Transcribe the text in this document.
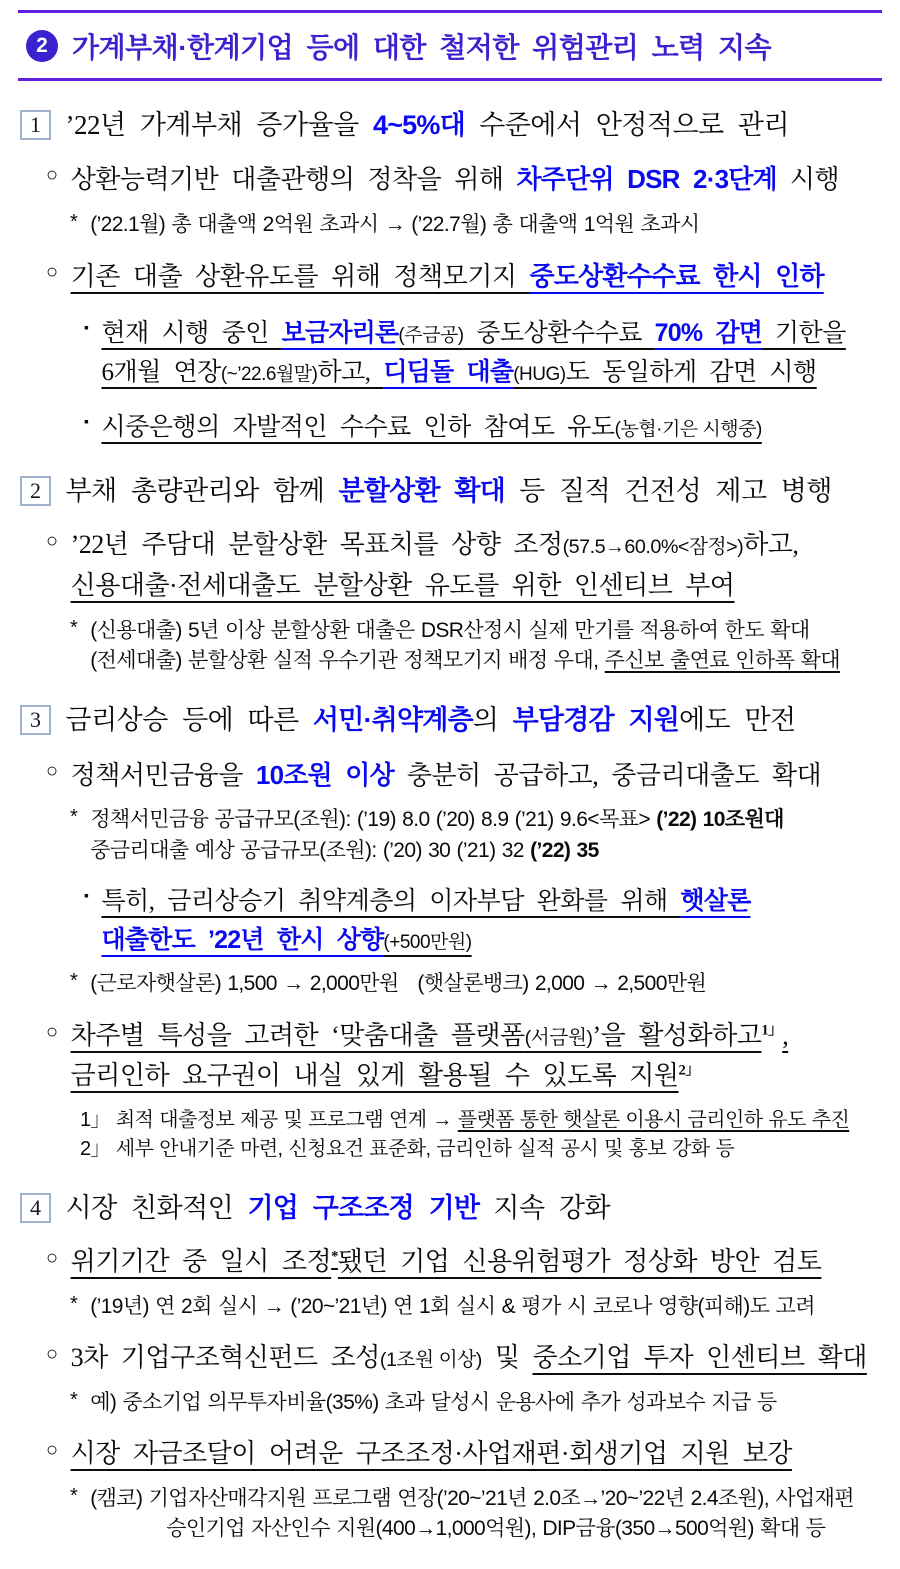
2 가계부채·한계기업 등에 대한 철저한 위험관리 노력 지속
1 ’22년 가계부채 증가율을 4~5%대 수준에서 안정적으로 관리
○ 상환능력기반 대출관행의 정착을 위해 차주단위 DSR 2·3단계 시행
* (’22.1월) 총 대출액 2억원 초과시 → (’22.7월) 총 대출액 1억원 초과시
○ 기존 대출 상환유도를 위해 정책모기지 중도상환수수료 한시 인하
▪ 현재 시행 중인 보금자리론(주금공) 중도상환수수료 70% 감면 기한을
6개월 연장(~’22.6월말)하고, 디딤돌 대출(HUG)도 동일하게 감면 시행
▪ 시중은행의 자발적인 수수료 인하 참여도 유도(농협·기은 시행중)
2 부채 총량관리와 함께 분할상환 확대 등 질적 건전성 제고 병행
○ ’22년 주담대 분할상환 목표치를 상향 조정(57.5→60.0%<잠정>)하고,
신용대출·전세대출도 분할상환 유도를 위한 인센티브 부여
* (신용대출) 5년 이상 분할상환 대출은 DSR산정시 실제 만기를 적용하여 한도 확대
(전세대출) 분할상환 실적 우수기관 정책모기지 배정 우대, 주신보 출연료 인하폭 확대
3 금리상승 등에 따른 서민·취약계층의 부담경감 지원에도 만전
○ 정책서민금융을 10조원 이상 충분히 공급하고, 중금리대출도 확대
* 정책서민금융 공급규모(조원): (’19) 8.0 (’20) 8.9 (’21) 9.6<목표> (’22) 10조원대
중금리대출 예상 공급규모(조원): (’20) 30 (’21) 32 (’22) 35
▪ 특히, 금리상승기 취약계층의 이자부담 완화를 위해 햇살론
대출한도 ’22년 한시 상향(+500만원)
* (근로자햇살론) 1,500 → 2,000만원   (햇살론뱅크) 2,000 → 2,500만원
○ 차주별 특성을 고려한 ‘맞춤대출 플랫폼(서금원)’을 활성화하고$^{1」}$,
금리인하 요구권이 내실 있게 활용될 수 있도록 지원$^{2」}$
1」 최적 대출정보 제공 및 프로그램 연계 → 플랫폼 통한 햇살론 이용시 금리인하 유도 추진
2」 세부 안내기준 마련, 신청요건 표준화, 금리인하 실적 공시 및 홍보 강화 등
4 시장 친화적인 기업 구조조정 기반 지속 강화
○ 위기기간 중 일시 조정*됐던 기업 신용위험평가 정상화 방안 검토
* (’19년) 연 2회 실시 → (’20~’21년) 연 1회 실시 & 평가 시 코로나 영향(피해)도 고려
○ 3차 기업구조혁신펀드 조성(1조원 이상) 및 중소기업 투자 인센티브 확대
* 예) 중소기업 의무투자비율(35%) 초과 달성시 운용사에 추가 성과보수 지급 등
○ 시장 자금조달이 어려운 구조조정·사업재편·회생기업 지원 보강
* (캠코) 기업자산매각지원 프로그램 연장(’20~’21년 2.0조→’20~’22년 2.4조원), 사업재편
승인기업 자산인수 지원(400→1,000억원), DIP금융(350→500억원) 확대 등
